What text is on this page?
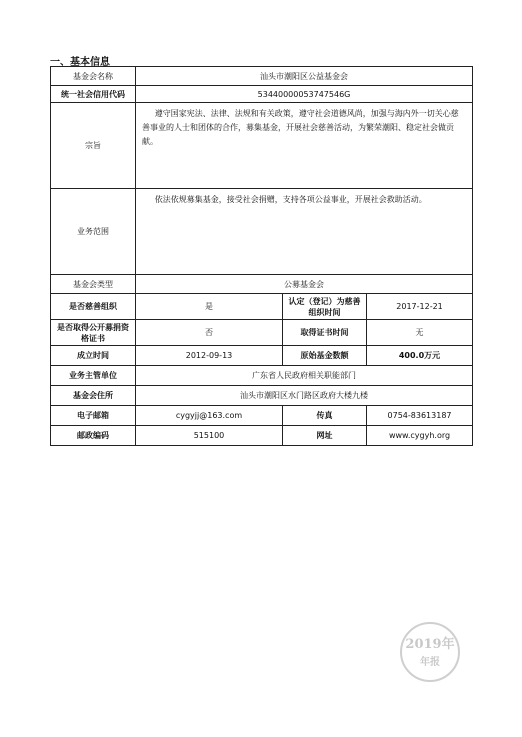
一、基本信息
基金会名称	汕头市潮阳区公益基金会		
统一社会信用代码	53440000053747546G		
宗旨	遵守国家宪法、法律、法规和有关政策，遵守社会道德风尚，加强与海内外一切关心慈善事业的人士和团体的合作，募集基金，开展社会慈善活动，为繁荣潮阳、稳定社会做贡献。		
业务范围	依法依规募集基金，接受社会捐赠，支持各项公益事业，开展社会救助活动。		
基金会类型	公募基金会		
是否慈善组织	是	认定（登记）为慈善组织时间	2017-12-21
是否取得公开募捐资格证书	否	取得证书时间	无
成立时间	2012-09-13	原始基金数额	400.0万元
业务主管单位	广东省人民政府相关职能部门		
基金会住所	汕头市潮阳区水门路区政府大楼九楼		
电子邮箱	cygyjj@163.com	传真	0754-83613187
邮政编码	515100	网址	www.cygyh.org
2019年
年报
